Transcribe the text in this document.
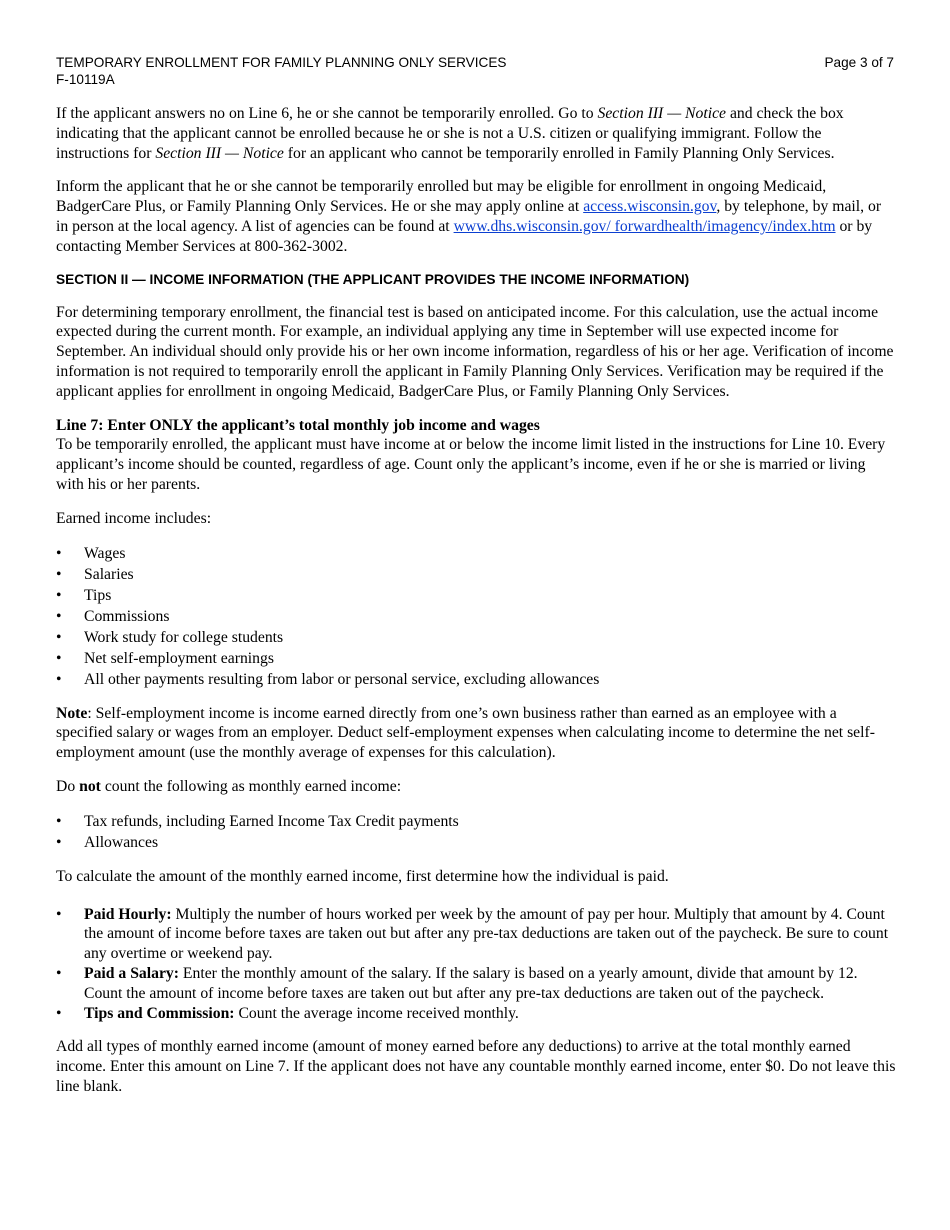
TEMPORARY ENROLLMENT FOR FAMILY PLANNING ONLY SERVICES
F-10119A
Page 3 of 7

If the applicant answers no on Line 6, he or she cannot be temporarily enrolled. Go to Section III — Notice and check the box indicating that the applicant cannot be enrolled because he or she is not a U.S. citizen or qualifying immigrant. Follow the instructions for Section III — Notice for an applicant who cannot be temporarily enrolled in Family Planning Only Services.

Inform the applicant that he or she cannot be temporarily enrolled but may be eligible for enrollment in ongoing Medicaid, BadgerCare Plus, or Family Planning Only Services. He or she may apply online at access.wisconsin.gov, by telephone, by mail, or in person at the local agency. A list of agencies can be found at www.dhs.wisconsin.gov/ forwardhealth/imagency/index.htm or by contacting Member Services at 800-362-3002.

SECTION II — INCOME INFORMATION (THE APPLICANT PROVIDES THE INCOME INFORMATION)

For determining temporary enrollment, the financial test is based on anticipated income. For this calculation, use the actual income expected during the current month. For example, an individual applying any time in September will use expected income for September. An individual should only provide his or her own income information, regardless of his or her age. Verification of income information is not required to temporarily enroll the applicant in Family Planning Only Services. Verification may be required if the applicant applies for enrollment in ongoing Medicaid, BadgerCare Plus, or Family Planning Only Services.

Line 7: Enter ONLY the applicant’s total monthly job income and wages

To be temporarily enrolled, the applicant must have income at or below the income limit listed in the instructions for Line 10. Every applicant’s income should be counted, regardless of age. Count only the applicant’s income, even if he or she is married or living with his or her parents.

Earned income includes:

• Wages
• Salaries
• Tips
• Commissions
• Work study for college students
• Net self-employment earnings
• All other payments resulting from labor or personal service, excluding allowances

Note: Self-employment income is income earned directly from one’s own business rather than earned as an employee with a specified salary or wages from an employer. Deduct self-employment expenses when calculating income to determine the net self-employment amount (use the monthly average of expenses for this calculation).

Do not count the following as monthly earned income:

• Tax refunds, including Earned Income Tax Credit payments
• Allowances

To calculate the amount of the monthly earned income, first determine how the individual is paid.

• Paid Hourly: Multiply the number of hours worked per week by the amount of pay per hour. Multiply that amount by 4. Count the amount of income before taxes are taken out but after any pre-tax deductions are taken out of the paycheck. Be sure to count any overtime or weekend pay.
• Paid a Salary: Enter the monthly amount of the salary. If the salary is based on a yearly amount, divide that amount by 12. Count the amount of income before taxes are taken out but after any pre-tax deductions are taken out of the paycheck.
• Tips and Commission: Count the average income received monthly.

Add all types of monthly earned income (amount of money earned before any deductions) to arrive at the total monthly earned income. Enter this amount on Line 7. If the applicant does not have any countable monthly earned income, enter $0. Do not leave this line blank.
